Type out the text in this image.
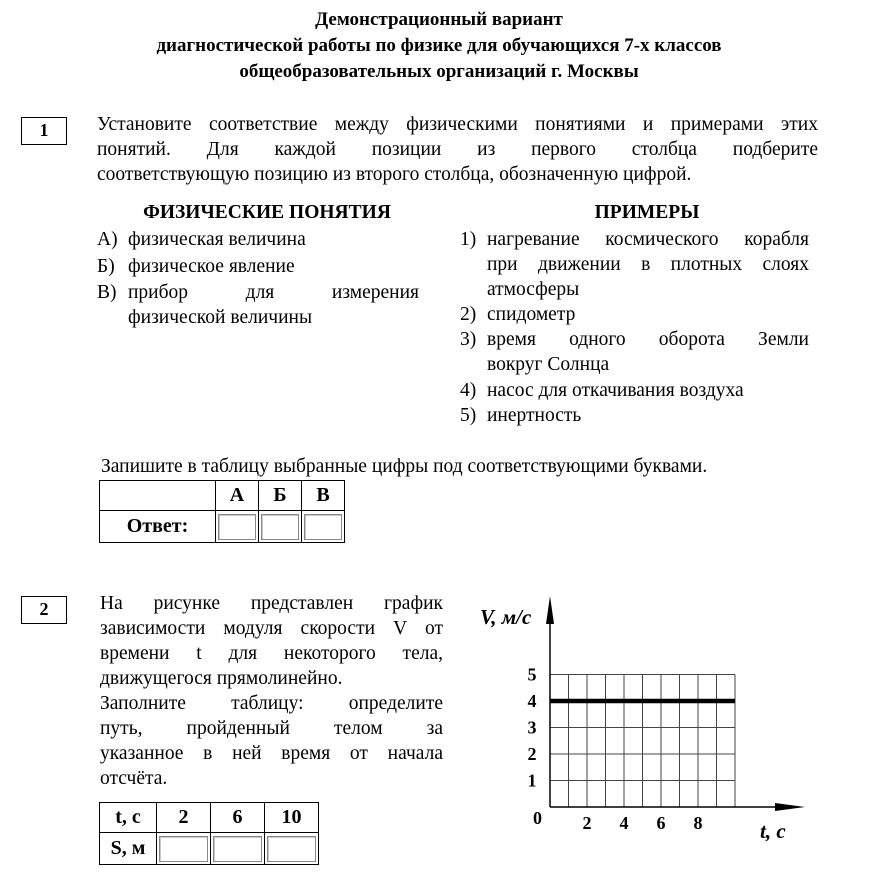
Демонстрационный вариант
диагностической работы по физике для обучающихся 7-х классов
общеобразовательных организаций г. Москвы
1	Установите соответствие между физическими понятиями и примерами этих
понятий. Для каждой позиции из первого столбца подберите
соответствующую позицию из второго столбца, обозначенную цифрой.
ФИЗИЧЕСКИЕ ПОНЯТИЯ	ПРИМЕРЫ
А) физическая величина
Б) физическое явление
В) прибор для измерения
физической величины
1) нагревание космического корабля
при движении в плотных слоях
атмосферы
2) спидометр
3) время одного оборота Земли
вокруг Солнца
4) насос для откачивания воздуха
5) инертность
Запишите в таблицу выбранные цифры под соответствующими буквами.
	А	Б	В
Ответ:	

2	На рисунке представлен график
зависимости модуля скорости V от
времени t для некоторого тела,
движущегося прямолинейно.
Заполните таблицу: определите
путь, пройденный телом за
указанное в ней время от начала
отсчёта.
t, с	2	6	10
S, м	

2 4 6 8
1
2
3
4
5
0
V, м/с
t, с
